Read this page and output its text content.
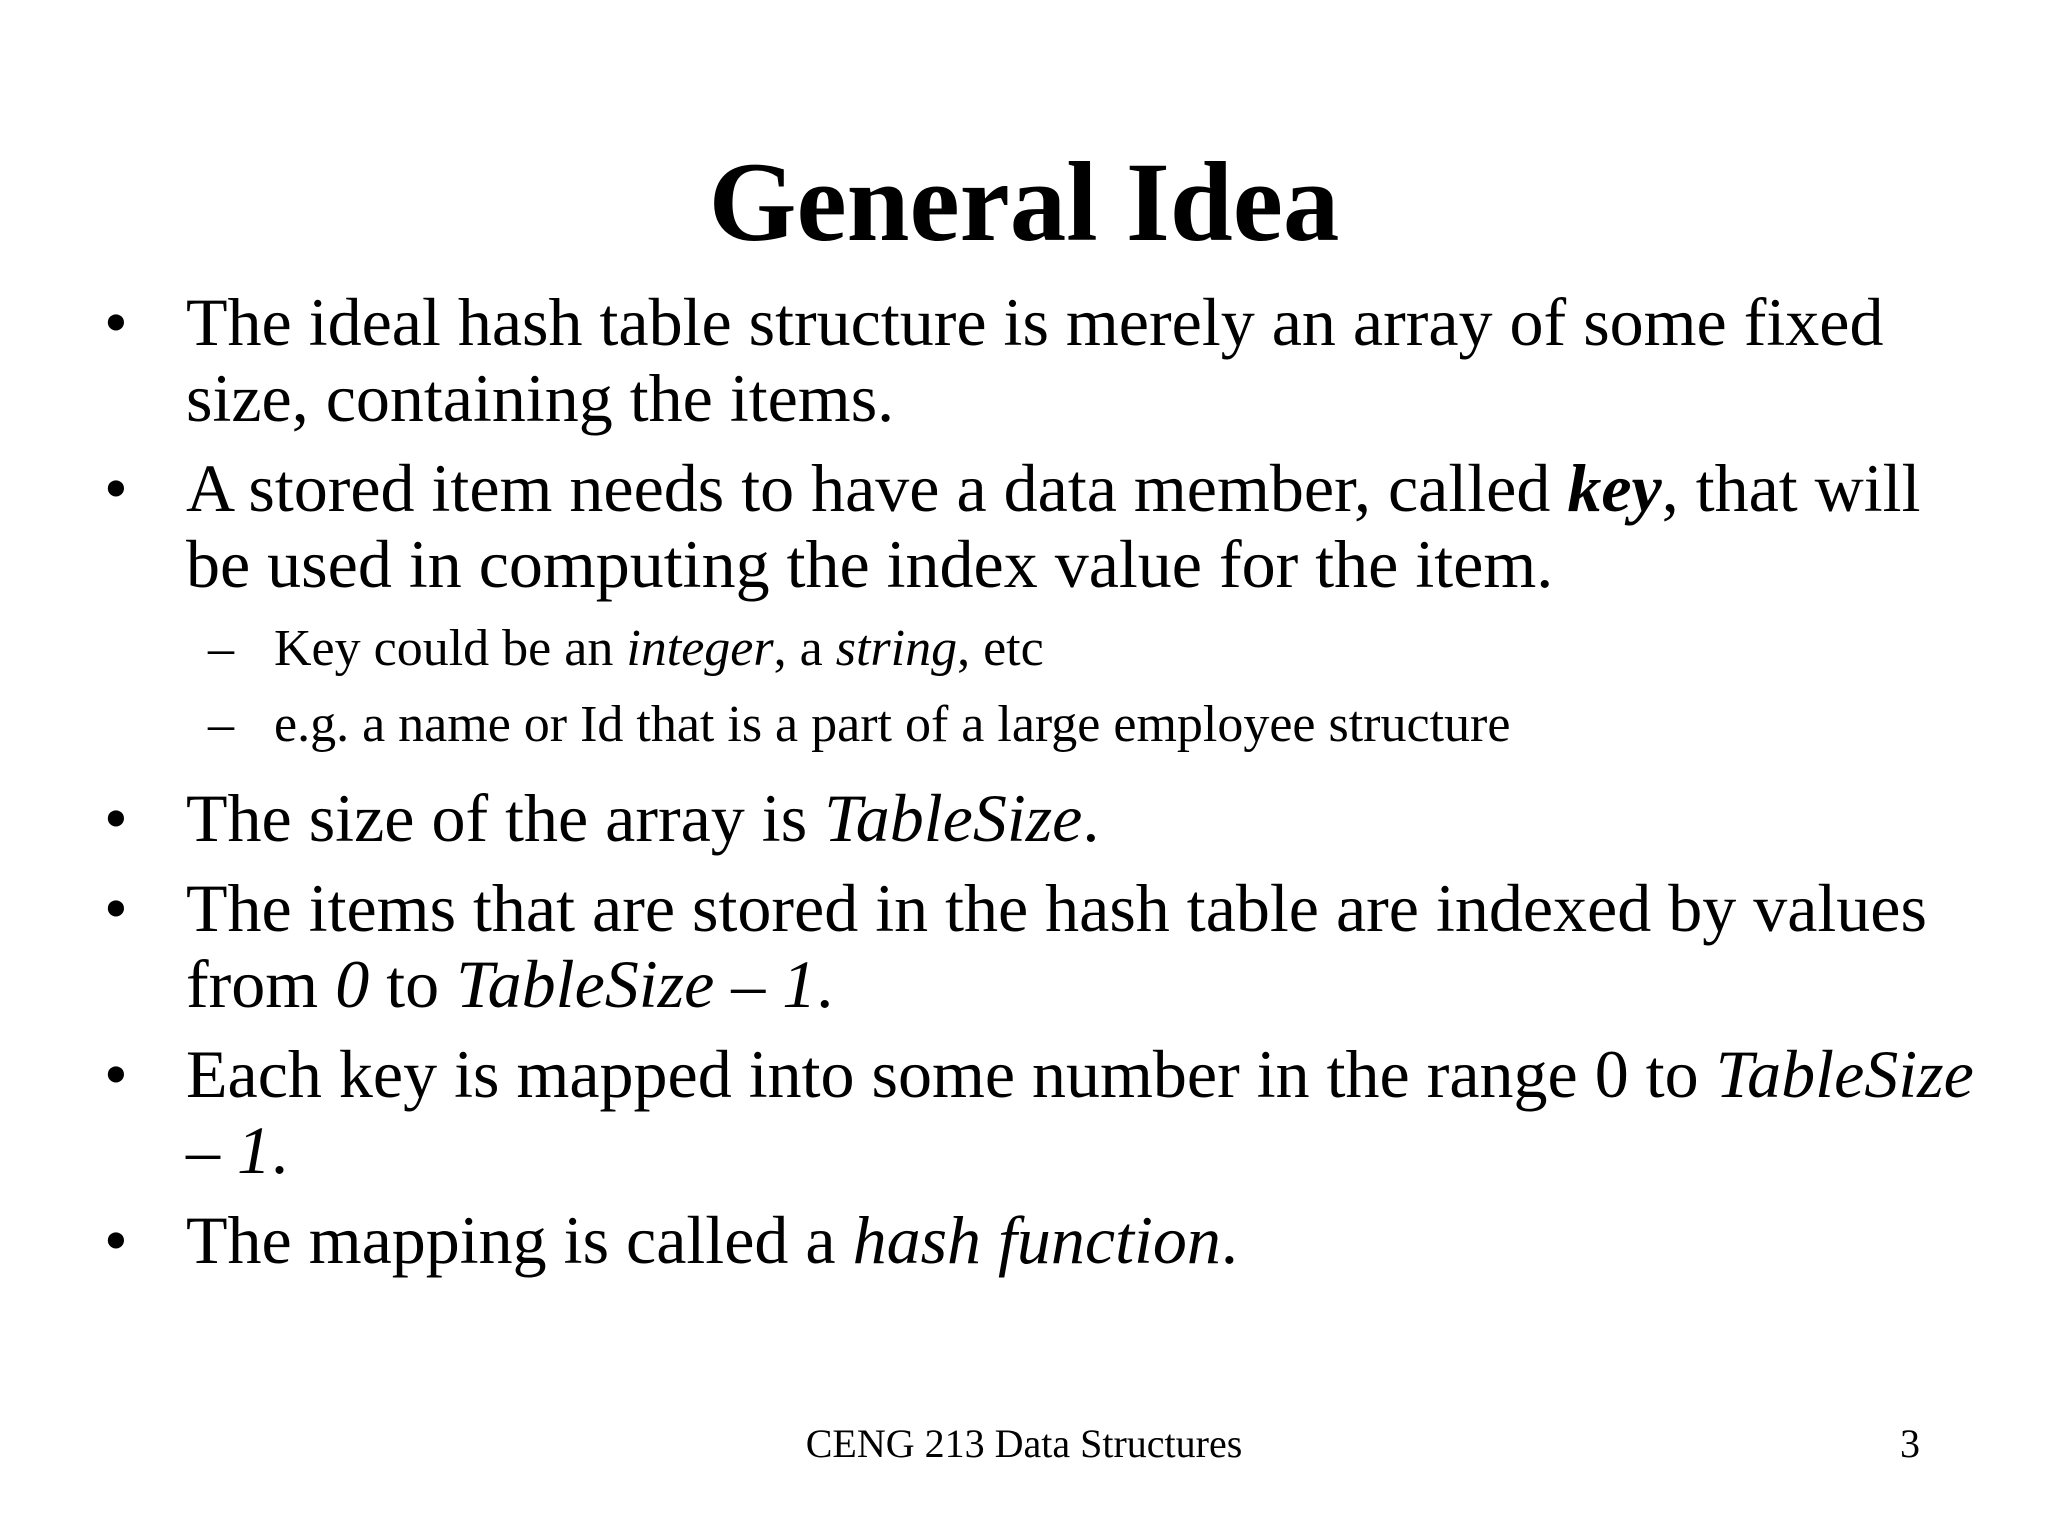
General Idea
• The ideal hash table structure is merely an array of some fixed size, containing the items.
• A stored item needs to have a data member, called key, that will be used in computing the index value for the item.
– Key could be an integer, a string, etc
– e.g. a name or Id that is a part of a large employee structure
• The size of the array is TableSize.
• The items that are stored in the hash table are indexed by values from 0 to TableSize – 1.
• Each key is mapped into some number in the range 0 to TableSize – 1.
• The mapping is called a hash function.
CENG 213 Data Structures	3
